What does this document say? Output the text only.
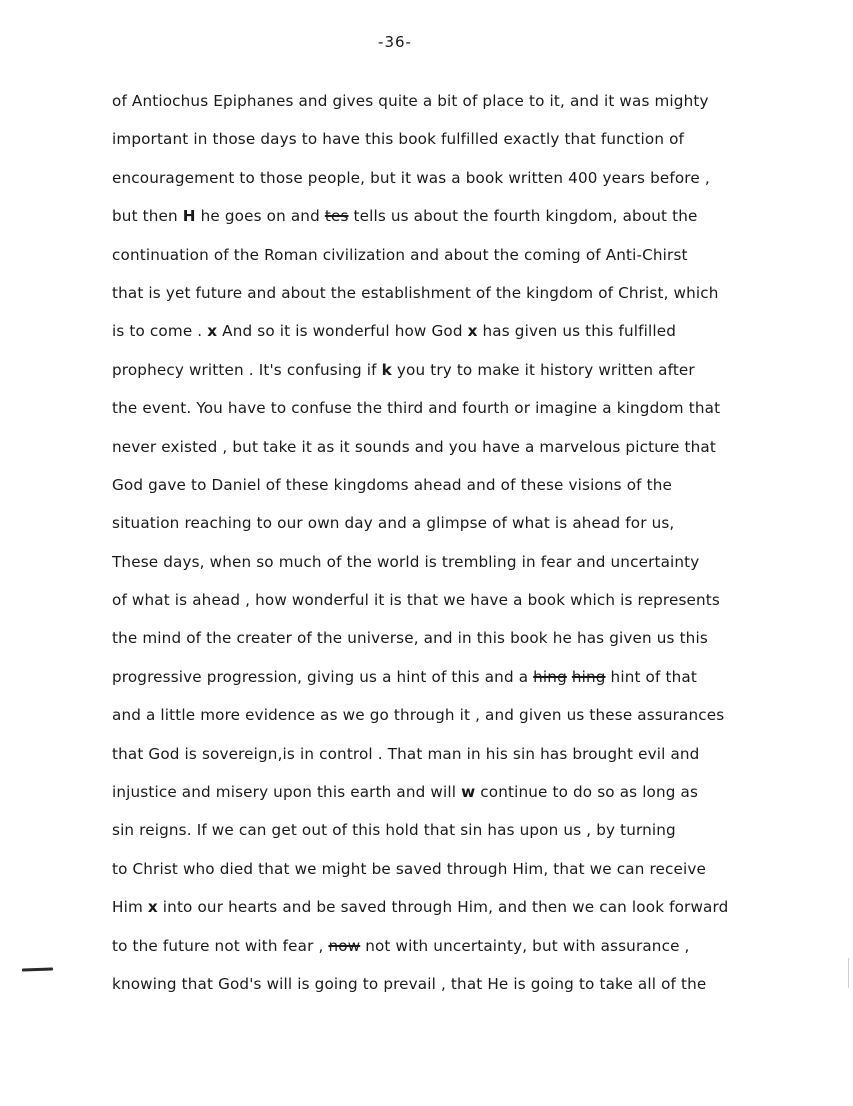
-36-
of Antiochus Epiphanes and gives quite a bit of place to it, and it was mighty
important in those days to have this book fulfilled exactly that function of
encouragement to those people, but it was a book written 400 years before ,
but then H he goes on and tes tells us about the fourth kingdom, about the
continuation of the Roman civilization and about the coming of Anti-Chirst
that is yet future and about the establishment of the kingdom of Christ, which
is to come . x And so it is wonderful how God x has given us this fulfilled
prophecy written . It's confusing if k you try to make it history written after
the event. You have to confuse the third and fourth or imagine a kingdom that
never existed , but take it as it sounds and you have a marvelous picture that
God gave to Daniel of these kingdoms ahead and of these visions of the
situation reaching to our own day and a glimpse of what is ahead for us,
These days, when so much of the world is trembling in fear and uncertainty
of what is ahead , how wonderful it is that we have a book which is represents
the mind of the creater of the universe, and in this book he has given us this
progressive progression, giving us a hint of this and a hing hing hint of that
and a little more evidence as we go through it , and given us these assurances
that God is sovereign,is in control . That man in his sin has brought evil and
injustice and misery upon this earth and will w continue to do so as long as
sin reigns. If we can get out of this hold that sin has upon us , by turning
to Christ who died that we might be saved through Him, that we can receive
Him x into our hearts and be saved through Him, and then we can look forward
to the future not with fear , now not with uncertainty, but with assurance ,
knowing that God's will is going to prevail , that He is going to take all of the
